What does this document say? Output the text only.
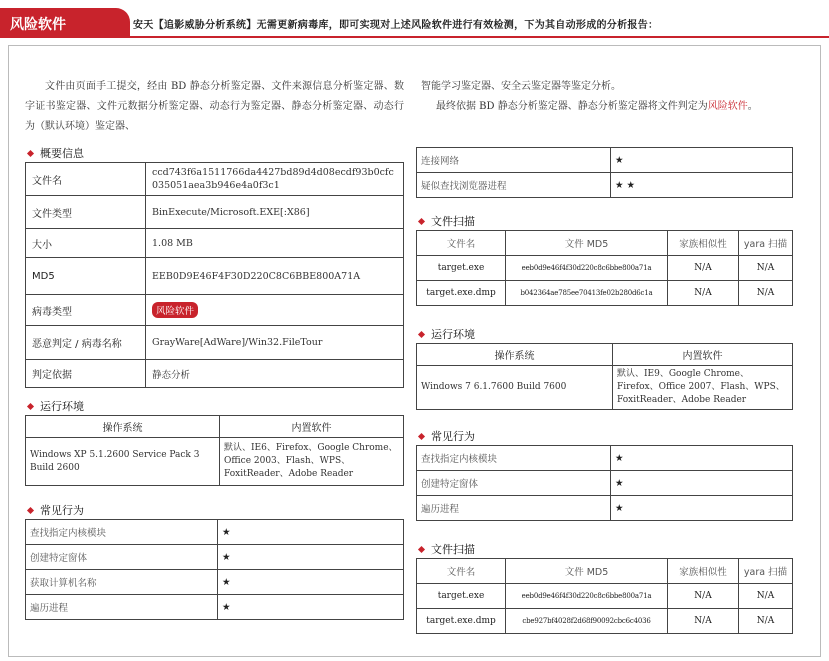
风险软件	安天【追影威胁分析系统】无需更新病毒库，即可实现对上述风险软件进行有效检测，下为其自动形成的分析报告：

文件由页面手工提交，经由 BD 静态分析鉴定器、文件来源信息分析鉴定器、数字证书鉴定器、文件元数据分析鉴定器、动态行为鉴定器、静态分析鉴定器、动态行为（默认环境）鉴定器、

概要信息
文件名	ccd743f6a1511766da4427bd89d4d08ecdf93b0cfc035051aea3b946e4a0f3c1
文件类型	BinExecute/Microsoft.EXE[:X86]
大小	1.08 MB
MD5	EEB0D9E46F4F30D220C8C6BBE800A71A
病毒类型	风险软件
恶意判定 / 病毒名称	GrayWare[AdWare]/Win32.FileTour
判定依据	静态分析
运行环境
操作系统	内置软件
Windows XP 5.1.2600 Service Pack 3 Build 2600	默认、IE6、Firefox、Google Chrome、Office 2003、Flash、WPS、FoxitReader、Adobe Reader
常见行为
查找指定内核模块	★
创建特定窗体	★
获取计算机名称	★
遍历进程	★

智能学习鉴定器、安全云鉴定器等鉴定分析。

最终依据 BD 静态分析鉴定器、静态分析鉴定器将文件判定为风险软件。

连接网络	★
疑似查找浏览器进程	★ ★
文件扫描
文件名	文件 MD5	家族相似性	yara 扫描
target.exe	eeb0d9e46f4f30d220c8c6bbe800a71a	N/A	N/A
target.exe.dmp	b042364ae785ee70413fe02b280d6c1a	N/A	N/A
运行环境
操作系统	内置软件
Windows 7 6.1.7600 Build 7600	默认、IE9、Google Chrome、Firefox、Office 2007、Flash、WPS、FoxitReader、Adobe Reader
常见行为
查找指定内核模块	★
创建特定窗体	★
遍历进程	★
文件扫描
文件名	文件 MD5	家族相似性	yara 扫描
target.exe	eeb0d9e46f4f30d220c8c6bbe800a71a	N/A	N/A
target.exe.dmp	cbe927bf4028f2d68f90092cbc6c4036	N/A	N/A
